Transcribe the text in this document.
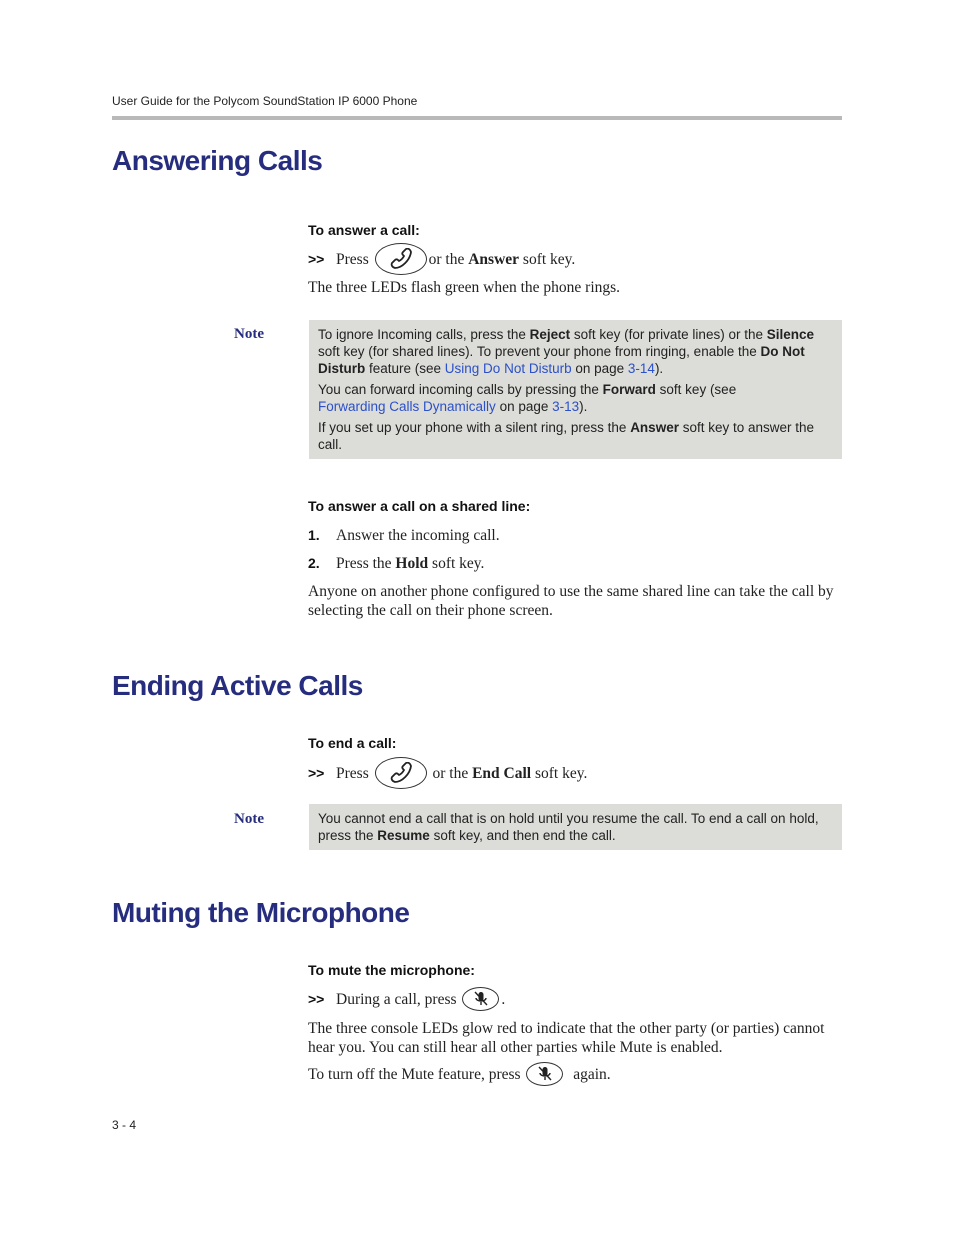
User Guide for the Polycom SoundStation IP 6000 Phone
Answering Calls
To answer a call:
>> Press
	or the
Answer
soft key.
The three LEDs flash green when the phone rings.
Note	To ignore Incoming calls, press the Reject soft key (for private lines) or the Silence soft key (for shared lines). To prevent your phone from ringing, enable the Do Not Disturb feature (see Using Do Not Disturb on page 3-14).

You can forward incoming calls by pressing the Forward soft key (see
Forwarding Calls Dynamically on page 3-13).

If you set up your phone with a silent ring, press the Answer soft key to answer the call.

To answer a call on a shared line:
1.	Answer the incoming call.
2.	Press the
Hold
soft key.
Anyone on another phone configured to use the same shared line can take the call by selecting the call on their phone screen.
Ending Active Calls
To end a call:
>> Press

	or the
End Call
soft key.
Note	You cannot end a call that is on hold until you resume the call. To end a call on hold, press the Resume soft key, and then end the call.

Muting the Microphone
To mute the microphone:
>> During a call, press
	.
The three console LEDs glow red to indicate that the other party (or parties) cannot hear you. You can still hear all other parties while Mute is enabled.
To turn off the Mute feature, press

	again.
3 - 4
